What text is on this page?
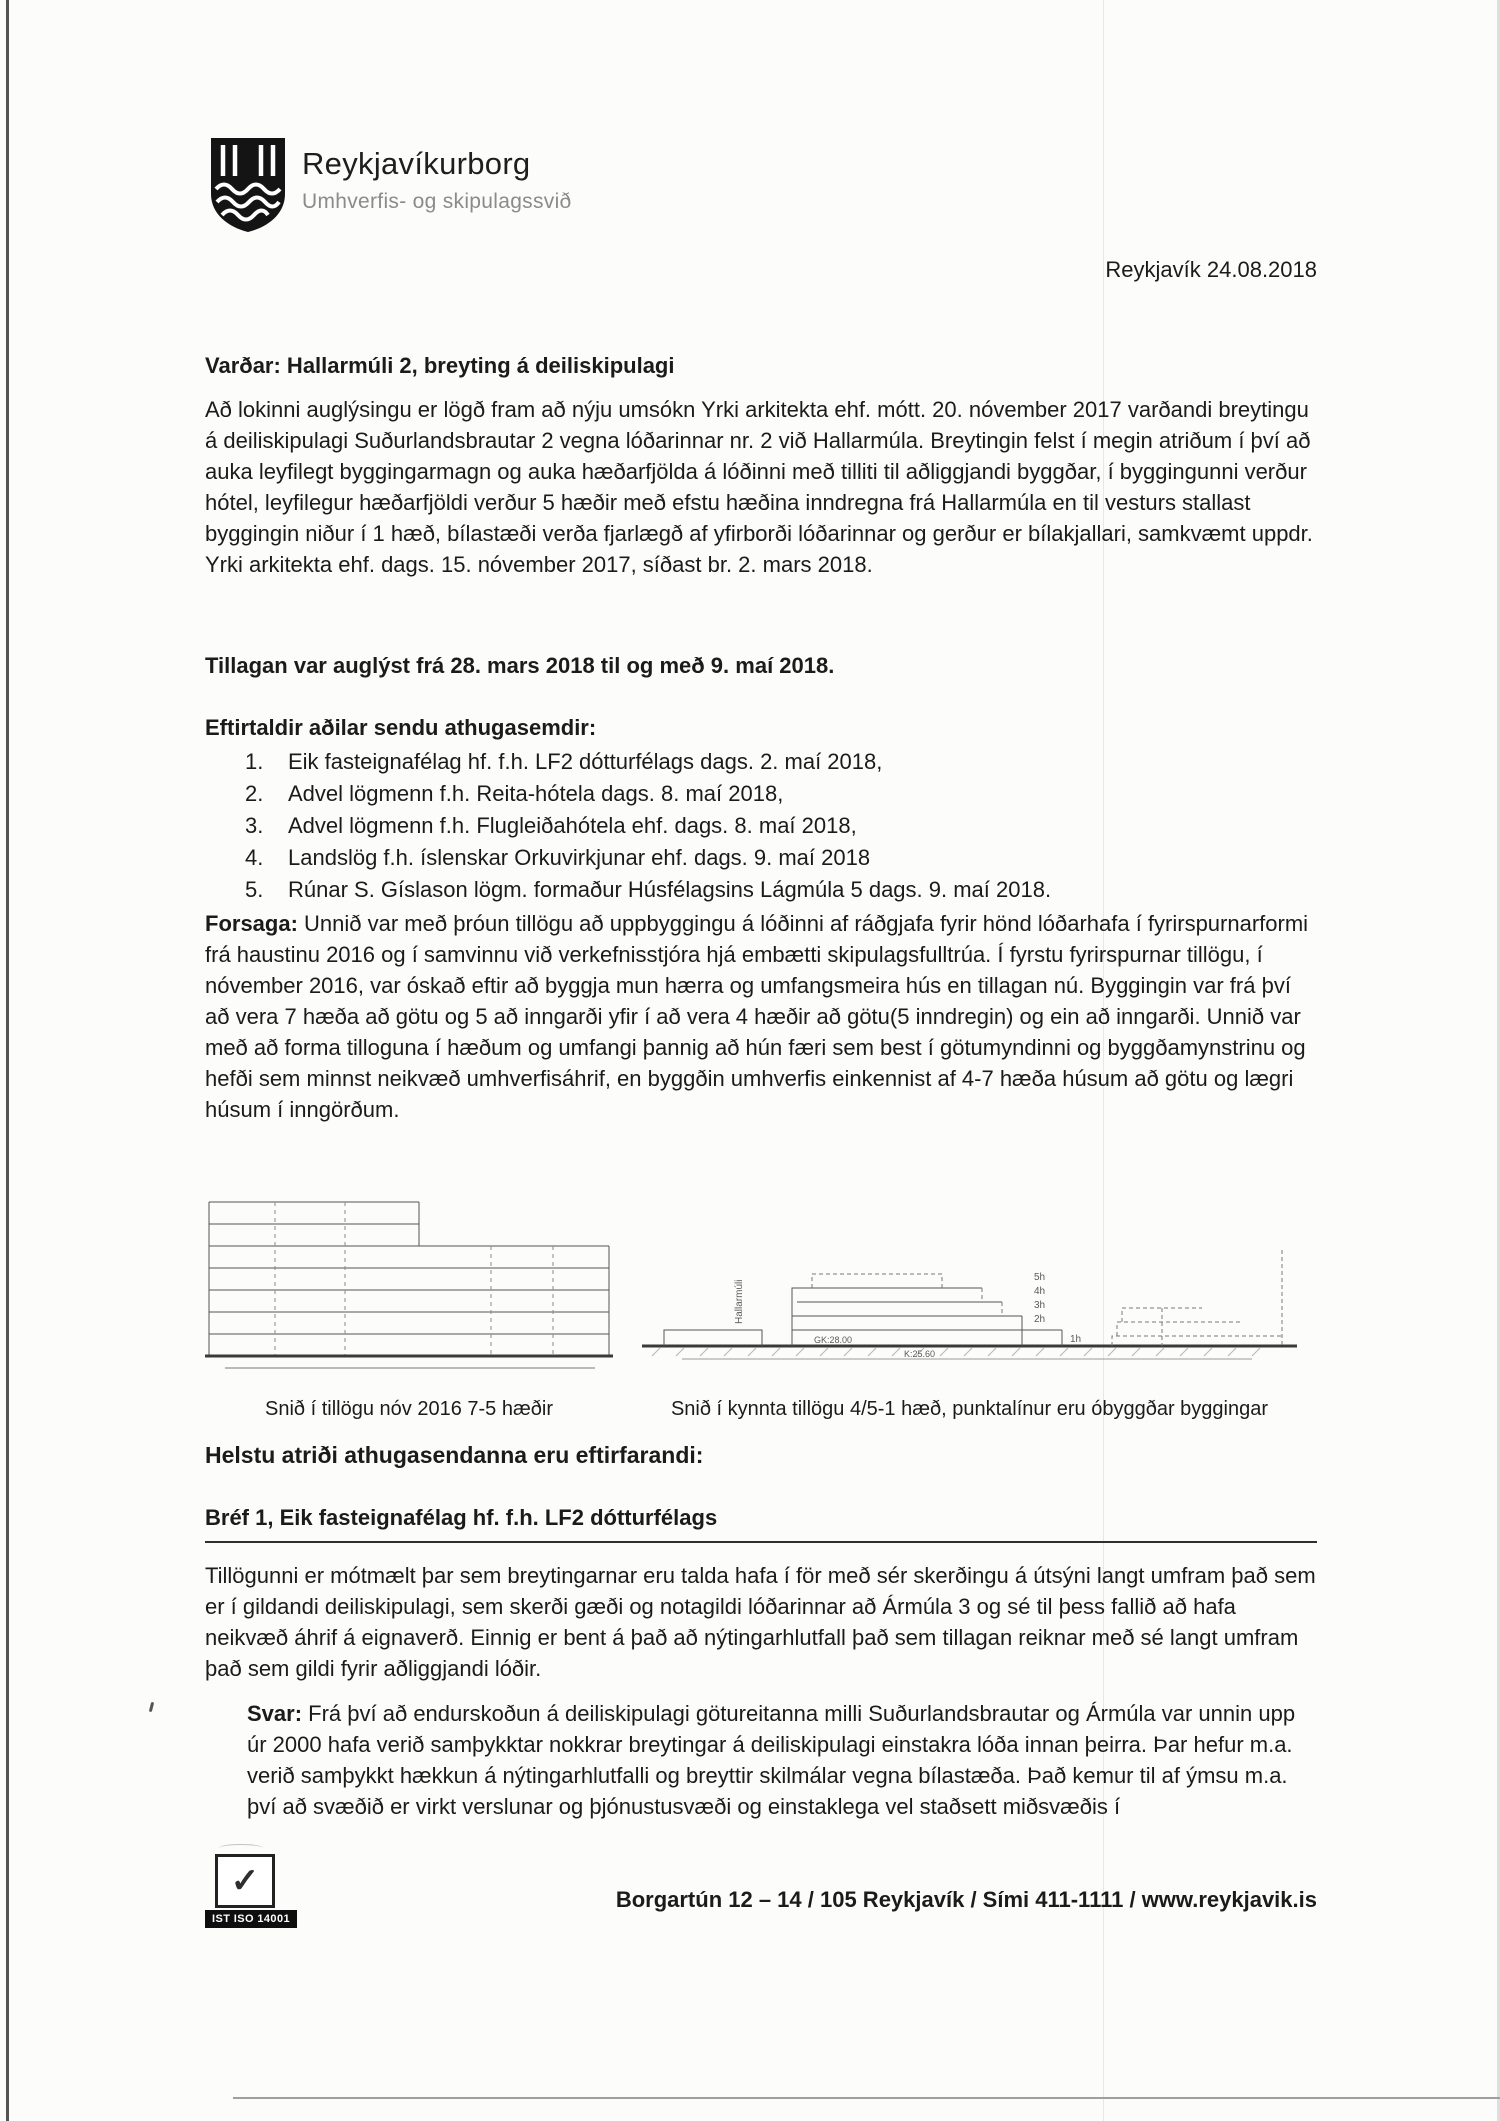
Reykjavíkurborg
Umhverfis- og skipulagssvið
Reykjavík 24.08.2018
Varðar: Hallarmúli 2, breyting á deiliskipulagi
Að lokinni auglýsingu er lögð fram að nýju umsókn Yrki arkitekta ehf. mótt. 20. nóvember 2017 varðandi breytingu á deiliskipulagi Suðurlandsbrautar 2 vegna lóðarinnar nr. 2 við Hallarmúla. Breytingin felst í megin atriðum í því að auka leyfilegt byggingarmagn og auka hæðarfjölda á lóðinni með tilliti til aðliggjandi byggðar, í byggingunni verður hótel, leyfilegur hæðarfjöldi verður 5 hæðir með efstu hæðina inndregna frá Hallarmúla en til vesturs stallast byggingin niður í 1 hæð, bílastæði verða fjarlægð af yfirborði lóðarinnar og gerður er bílakjallari, samkvæmt uppdr. Yrki arkitekta ehf. dags. 15. nóvember 2017, síðast br. 2. mars 2018.
Tillagan var auglýst frá 28. mars 2018 til og með 9. maí 2018.
Eftirtaldir aðilar sendu athugasemdir:
1.	Eik fasteignafélag hf. f.h. LF2 dótturfélags dags. 2. maí 2018,
2.	Advel lögmenn f.h. Reita-hótela dags. 8. maí 2018,
3.	Advel lögmenn f.h. Flugleiðahótela ehf. dags. 8. maí 2018,
4.	Landslög f.h. íslenskar Orkuvirkjunar ehf. dags. 9. maí 2018
5.	Rúnar S. Gíslason lögm. formaður Húsfélagsins Lágmúla 5 dags. 9. maí 2018.
Forsaga: Unnið var með þróun tillögu að uppbyggingu á lóðinni af ráðgjafa fyrir hönd lóðarhafa í fyrirspurnarformi frá haustinu 2016 og í samvinnu við verkefnisstjóra hjá embætti skipulagsfulltrúa. Í fyrstu fyrirspurnar tillögu, í nóvember 2016, var óskað eftir að byggja mun hærra og umfangsmeira hús en tillagan nú. Byggingin var frá því að vera 7 hæða að götu og 5 að inngarði yfir í að vera 4 hæðir að götu(5 inndregin) og ein að inngarði. Unnið var með að forma tilloguna í hæðum og umfangi þannig að hún færi sem best í götumyndinni og byggðamynstrinu og hefði sem minnst neikvæð umhverfisáhrif, en byggðin umhverfis einkennist af 4-7 hæða húsum að götu og lægri húsum í inngörðum.
Hallarmúli
5h
4h
3h
2h
1h
GK:28.00
K:25.60
Snið í tillögu nóv 2016 7-5 hæðir	Snið í kynnta tillögu 4/5-1 hæð, punktalínur eru óbyggðar byggingar
Helstu atriði athugasendanna eru eftirfarandi:
Bréf 1, Eik fasteignafélag hf. f.h. LF2 dótturfélags
Tillögunni er mótmælt þar sem breytingarnar eru talda hafa í för með sér skerðingu á útsýni langt umfram það sem er í gildandi deiliskipulagi, sem skerði gæði og notagildi lóðarinnar að Ármúla 3 og sé til þess fallið að hafa neikvæð áhrif á eignaverð. Einnig er bent á það að nýtingarhlutfall það sem tillagan reiknar með sé langt umfram það sem gildi fyrir aðliggjandi lóðir.
Svar: Frá því að endurskoðun á deiliskipulagi götureitanna milli Suðurlandsbrautar og Ármúla var unnin upp úr 2000 hafa verið samþykktar nokkrar breytingar á deiliskipulagi einstakra lóða innan þeirra. Þar hefur m.a. verið samþykkt hækkun á nýtingarhlutfalli og breyttir skilmálar vegna bílastæða. Það kemur til af ýmsu m.a. því að svæðið er virkt verslunar og þjónustusvæði og einstaklega vel staðsett miðsvæðis í
✓
IST ISO 14001
Borgartún 12 – 14 / 105 Reykjavík / Sími 411-1111 / www.reykjavik.is
